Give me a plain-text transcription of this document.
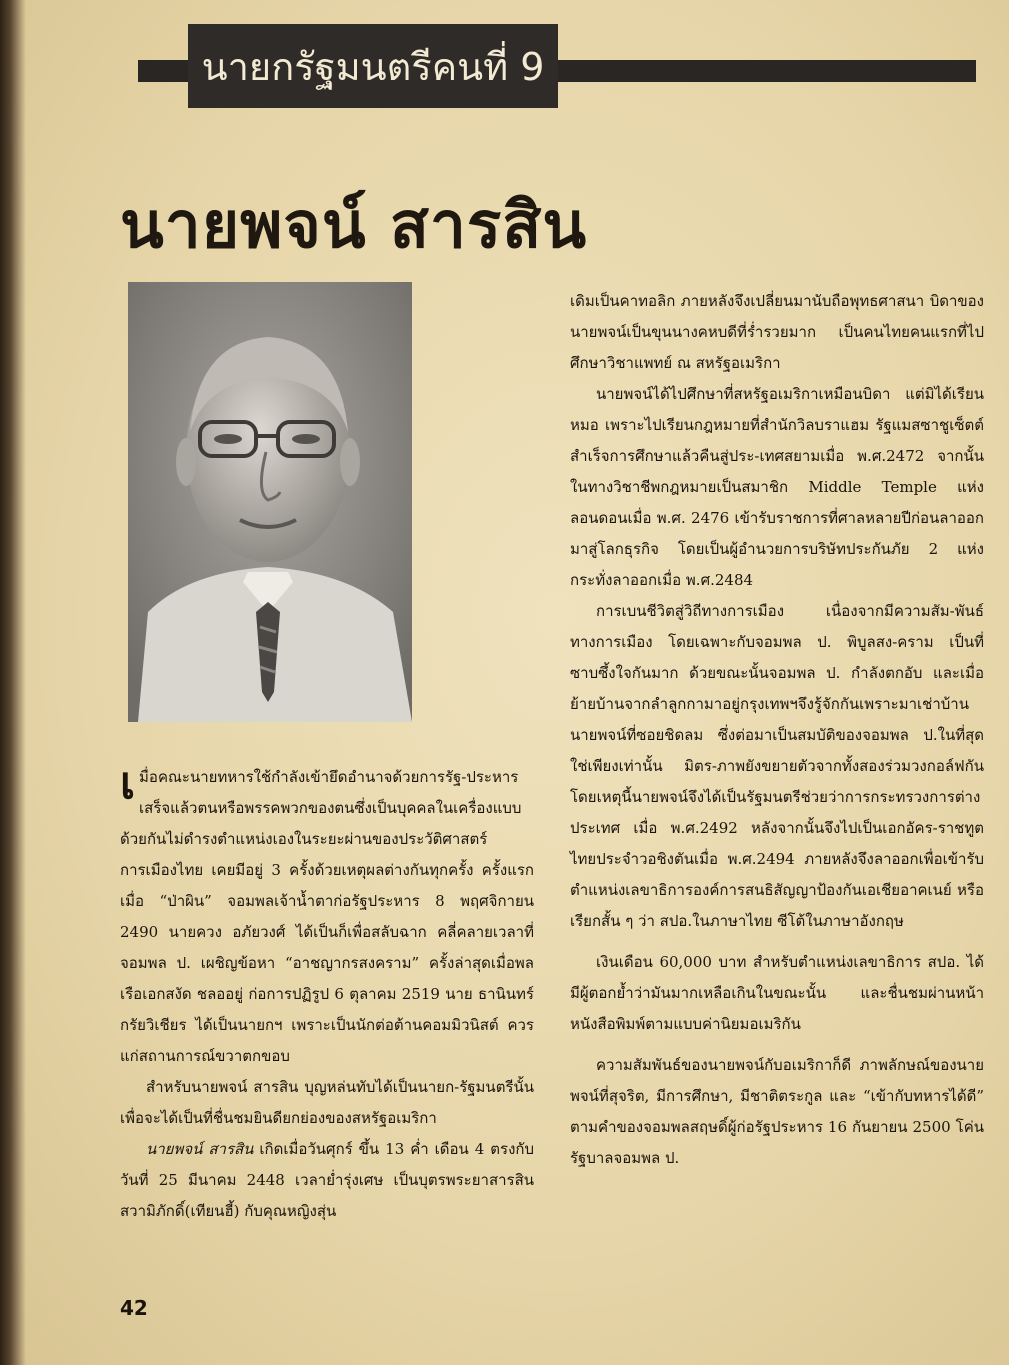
นายกรัฐมนตรีคนที่ 9
นายพจน์ สารสิน

เ มื่อคณะนายทหารใช้กำลังเข้ายึดอำนาจด้วยการรัฐ-ประหาร เสร็จแล้วตนหรือพรรคพวกของตนซึ่งเป็นบุคคลในเครื่องแบบด้วยกันไม่ดำรงตำแหน่งเองในระยะผ่านของประวัติศาสตร์การเมืองไทย เคยมีอยู่ 3 ครั้งด้วยเหตุผลต่างกันทุกครั้ง ครั้งแรกเมื่อ “ป่าผิน” จอมพลเจ้าน้ำตาก่อรัฐประหาร 8 พฤศจิกายน 2490 นายควง อภัยวงศ์ ได้เป็นก็เพื่อสลับฉาก คลี่คลายเวลาที่จอมพล ป. เผชิญข้อหา “อาชญากรสงคราม” ครั้งล่าสุดเมื่อพลเรือเอกสงัด ชลออยู่ ก่อการปฏิรูป 6 ตุลาคม 2519 นาย ธานินทร์ กรัยวิเชียร ได้เป็นนายกฯ เพราะเป็นนักต่อต้านคอมมิวนิสต์ ควรแก่สถานการณ์ขวาตกขอบ

สำหรับนายพจน์ สารสิน บุญหล่นทับได้เป็นนายก-รัฐมนตรีนั้น เพื่อจะได้เป็นที่ชื่นชมยินดียกย่องของสหรัฐอเมริกา

นายพจน์ สารสิน เกิดเมื่อวันศุกร์ ขึ้น 13 ค่ำ เดือน 4 ตรงกับวันที่ 25 มีนาคม 2448 เวลาย่ำรุ่งเศษ เป็นบุตรพระยาสารสินสวามิภักดิ์(เทียนฮี้) กับคุณหญิงสุ่น

เดิมเป็นคาทอลิก ภายหลังจึงเปลี่ยนมานับถือพุทธศาสนา บิดาของนายพจน์เป็นขุนนางคหบดีที่ร่ำรวยมาก เป็นคนไทยคนแรกที่ไปศึกษาวิชาแพทย์ ณ สหรัฐอเมริกา

นายพจน์ได้ไปศึกษาที่สหรัฐอเมริกาเหมือนบิดา แต่มิได้เรียนหมอ เพราะไปเรียนกฎหมายที่สำนักวิลบราแฮม รัฐแมสซาชูเซ็ตต์ สำเร็จการศึกษาแล้วคืนสู่ประ-เทศสยามเมื่อ พ.ศ.2472 จากนั้นในทางวิชาชีพกฎหมายเป็นสมาชิก Middle Temple แห่งลอนดอนเมื่อ พ.ศ. 2476 เข้ารับราชการที่ศาลหลายปีก่อนลาออกมาสู่โลกธุรกิจ โดยเป็นผู้อำนวยการบริษัทประกันภัย 2 แห่ง กระทั่งลาออกเมื่อ พ.ศ.2484

การเบนชีวิตสู่วิถีทางการเมือง เนื่องจากมีความสัม-พันธ์ทางการเมือง โดยเฉพาะกับจอมพล ป. พิบูลสง-คราม เป็นที่ซาบซึ้งใจกันมาก ด้วยขณะนั้นจอมพล ป. กำลังตกอับ และเมื่อย้ายบ้านจากลำลูกกามาอยู่กรุงเทพฯจึงรู้จักกันเพราะมาเช่าบ้านนายพจน์ที่ซอยชิดลม ซึ่งต่อมาเป็นสมบัติของจอมพล ป.ในที่สุด ใช่เพียงเท่านั้น มิตร-ภาพยังขยายตัวจากทั้งสองร่วมวงกอล์ฟกัน โดยเหตุนี้นายพจน์จึงได้เป็นรัฐมนตรีช่วยว่าการกระทรวงการต่างประเทศ เมื่อ พ.ศ.2492 หลังจากนั้นจึงไปเป็นเอกอัคร-ราชทูตไทยประจำวอชิงตันเมื่อ พ.ศ.2494 ภายหลังจึงลาออกเพื่อเข้ารับตำแหน่งเลขาธิการองค์การสนธิสัญญาป้องกันเอเชียอาคเนย์ หรือเรียกสั้น ๆ ว่า สปอ.ในภาษาไทย ซีโต้ในภาษาอังกฤษ

เงินเดือน 60,000 บาท สำหรับตำแหน่งเลขาธิการ สปอ. ได้มีผู้ตอกย้ำว่ามันมากเหลือเกินในขณะนั้น และชื่นชมผ่านหน้าหนังสือพิมพ์ตามแบบค่านิยมอเมริกัน

ความสัมพันธ์ของนายพจน์กับอเมริกาก็ดี ภาพลักษณ์ของนายพจน์ที่สุจริต, มีการศึกษา, มีชาติตระกูล และ “เข้ากับทหารได้ดี” ตามคำของจอมพลสฤษดิ์ผู้ก่อรัฐประหาร 16 กันยายน 2500 โค่นรัฐบาลจอมพล ป.

42
